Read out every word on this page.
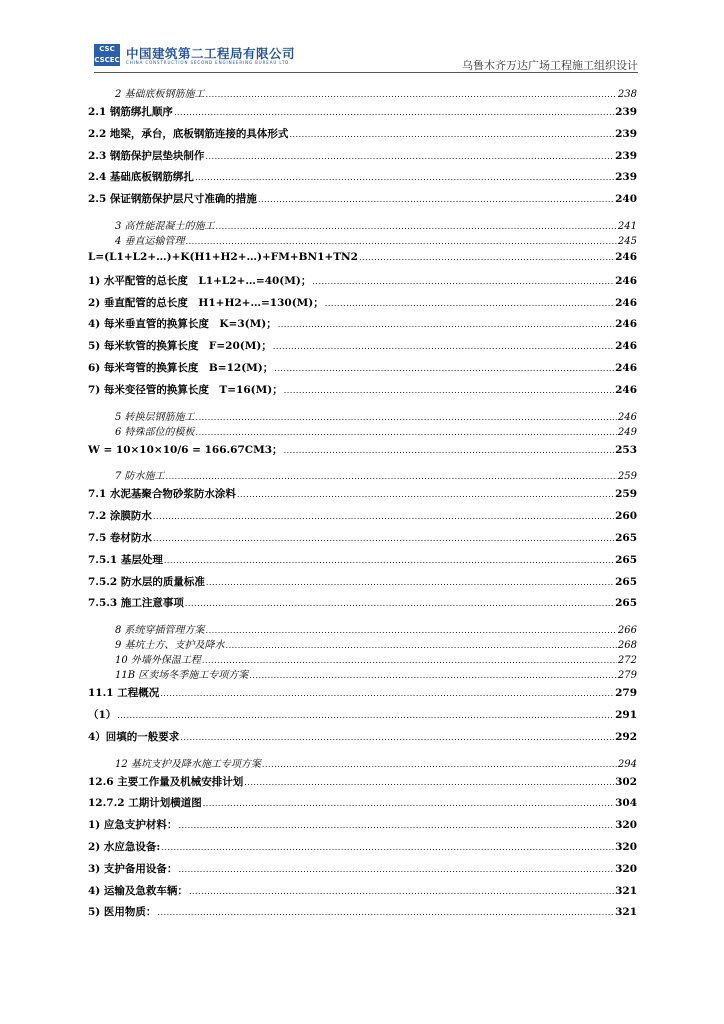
CSC
CSCEC 中国建筑第二工程局有限公司
CHINA CONSTRUCTION SECOND ENGINEERING BUREAU LTD.	乌鲁木齐万达广场工程施工组织设计
2 基础底板钢筋施工 .....	238
2.1 钢筋绑扎顺序 .....	239
2.2 地梁，承台，底板钢筋连接的具体形式 .....	239
2.3 钢筋保护层垫块制作 .....	239
2.4 基础底板钢筋绑扎 .....	239
2.5 保证钢筋保护层尺寸准确的措施 .....	240
3 高性能混凝土的施工 .....	241
4 垂直运输管理 .....	245
L=(L1+L2+…)+K(H1+H2+…)+FM+BN1+TN2 .....	246
1) 水平配管的总长度　L1+L2+…=40(M)； .....	246
2) 垂直配管的总长度　H1+H2+…=130(M)； .....	246
4) 每米垂直管的换算长度　K=3(M)； .....	246
5) 每米软管的换算长度　F=20(M)； .....	246
6) 每米弯管的换算长度　B=12(M)； .....	246
7) 每米变径管的换算长度　T=16(M)； .....	246
5 转换层钢筋施工 .....	246
6 特殊部位的模板 .....	249
W = 10×10×10/6 = 166.67CM3； .....	253
7 防水施工 .....	259
7.1 水泥基聚合物砂浆防水涂料 .....	259
7.2 涂膜防水 .....	260
7.5 卷材防水 .....	265
7.5.1 基层处理 .....	265
7.5.2 防水层的质量标准 .....	265
7.5.3 施工注意事项 .....	265
8 系统穿插管理方案 .....	266
9 基坑土方、支护及降水 .....	268
10 外墙外保温工程 .....	272
11B 区卖场冬季施工专项方案 .....	279
11.1 工程概况 .....	279
（1） .....	291
4）回填的一般要求 .....	292
12 基坑支护及降水施工专项方案 .....	294
12.6 主要工作量及机械安排计划 .....	302
12.7.2 工期计划横道图 .....	304
1) 应急支护材料： .....	320
2) 水应急设备: .....	320
3) 支护备用设备： .....	320
4) 运输及急救车辆： .....	321
5) 医用物质： .....	321
